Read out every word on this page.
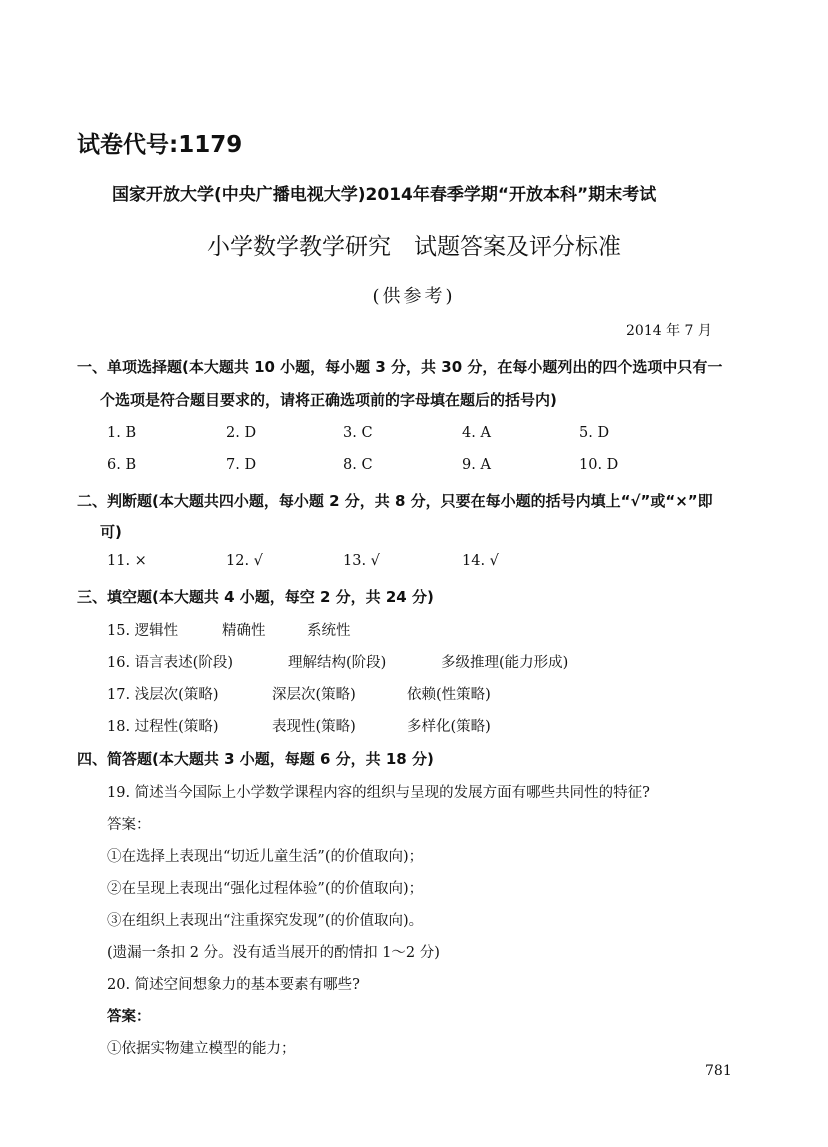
试卷代号:1179
国家开放大学(中央广播电视大学)2014年春季学期“开放本科”期末考试
小学数学教学研究　试题答案及评分标准
(供参考)
2014 年 7 月
一、单项选择题(本大题共 10 小题，每小题 3 分，共 30 分，在每小题列出的四个选项中只有一
个选项是符合题目要求的，请将正确选项前的字母填在题后的括号内)
1. B	2. D	3. C	4. A	5. D
6. B	7. D	8. C	9. A	10. D
二、判断题(本大题共四小题，每小题 2 分，共 8 分，只要在每小题的括号内填上“√”或“×”即
可)
11. ×	12. √	13. √	14. √
三、填空题(本大题共 4 小题，每空 2 分，共 24 分)
15. 逻辑性	精确性	系统性
16. 语言表述(阶段)	理解结构(阶段)	多级推理(能力形成)
17. 浅层次(策略)	深层次(策略)	依赖(性策略)
18. 过程性(策略)	表现性(策略)	多样化(策略)
四、简答题(本大题共 3 小题，每题 6 分，共 18 分)
19. 简述当今国际上小学数学课程内容的组织与呈现的发展方面有哪些共同性的特征?
答案：
①在选择上表现出“切近儿童生活”(的价值取向)；
②在呈现上表现出“强化过程体验”(的价值取向)；
③在组织上表现出“注重探究发现”(的价值取向)。
(遗漏一条扣 2 分。没有适当展开的酌情扣 1～2 分)
20. 简述空间想象力的基本要素有哪些?
答案：
①依据实物建立模型的能力；
781
